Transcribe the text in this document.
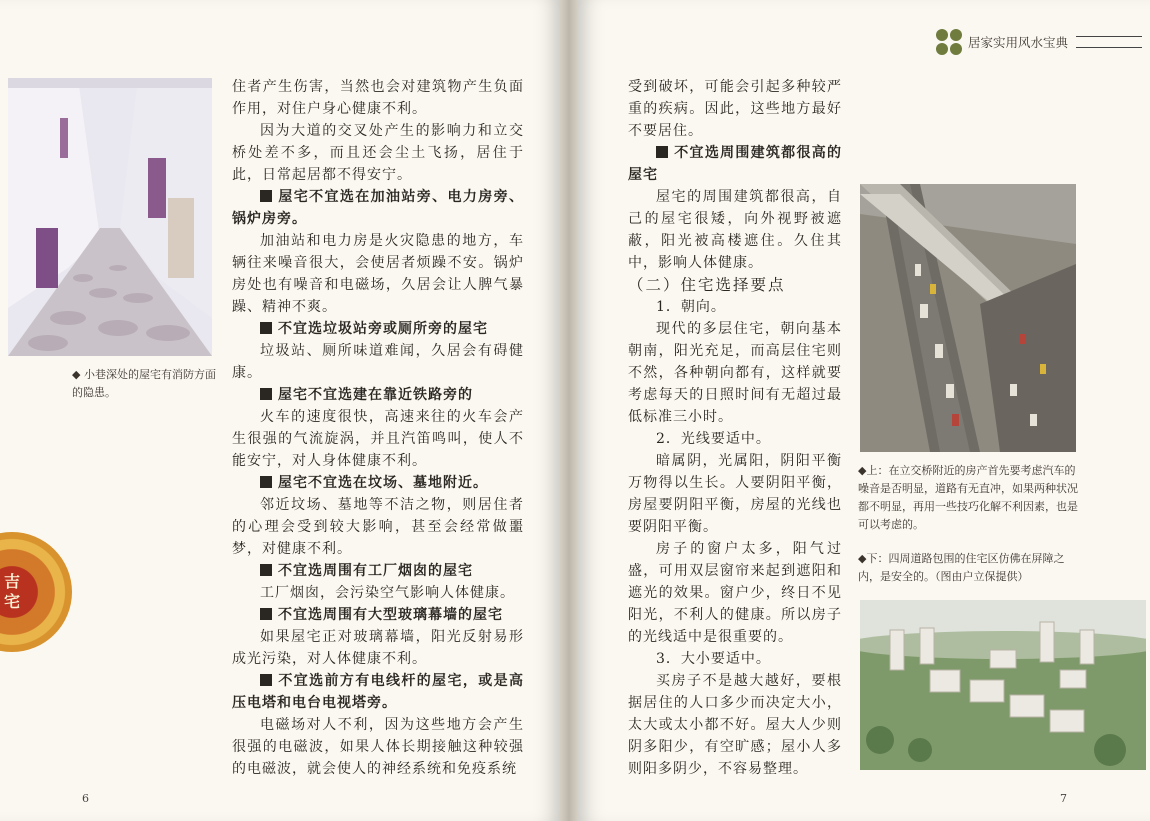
◆ 小巷深处的屋宅有消防方面的隐患。
吉宅

住者产生伤害，当然也会对建筑物产生负面作用，对住户身心健康不利。

因为大道的交叉处产生的影响力和立交桥处差不多，而且还会尘土飞扬，居住于此，日常起居都不得安宁。

屋宅不宜选在加油站旁、电力房旁、锅炉房旁。

加油站和电力房是火灾隐患的地方，车辆往来噪音很大，会使居者烦躁不安。锅炉房处也有噪音和电磁场，久居会让人脾气暴躁、精神不爽。

不宜选垃圾站旁或厕所旁的屋宅

垃圾站、厕所味道难闻，久居会有碍健康。

屋宅不宜选建在靠近铁路旁的

火车的速度很快，高速来往的火车会产生很强的气流旋涡，并且汽笛鸣叫，使人不能安宁，对人身体健康不利。

屋宅不宜选在坟场、墓地附近。

邻近坟场、墓地等不洁之物，则居住者的心理会受到较大影响，甚至会经常做噩梦，对健康不利。

不宜选周围有工厂烟囱的屋宅

工厂烟囱，会污染空气影响人体健康。

不宜选周围有大型玻璃幕墙的屋宅

如果屋宅正对玻璃幕墙，阳光反射易形成光污染，对人体健康不利。

不宜选前方有电线杆的屋宅，或是高压电塔和电台电视塔旁。

电磁场对人不利，因为这些地方会产生很强的电磁波，如果人体长期接触这种较强的电磁波，就会使人的神经系统和免疫系统

6
居家实用风水宝典

受到破坏，可能会引起多种较严重的疾病。因此，这些地方最好不要居住。

不宜选周围建筑都很高的屋宅

屋宅的周围建筑都很高，自己的屋宅很矮，向外视野被遮蔽，阳光被高楼遮住。久住其中，影响人体健康。

（二）住宅选择要点

1．朝向。

现代的多层住宅，朝向基本朝南，阳光充足，而高层住宅则不然，各种朝向都有，这样就要考虑每天的日照时间有无超过最低标准三小时。

2．光线要适中。

暗属阴，光属阳，阴阳平衡万物得以生长。人要阴阳平衡，房屋要阴阳平衡，房屋的光线也要阴阳平衡。

房子的窗户太多，阳气过盛，可用双层窗帘来起到遮阳和遮光的效果。窗户少，终日不见阳光，不利人的健康。所以房子的光线适中是很重要的。

3．大小要适中。

买房子不是越大越好，要根据居住的人口多少而决定大小，太大或太小都不好。屋大人少则阴多阳少，有空旷感；屋小人多则阳多阴少，不容易整理。

◆上：在立交桥附近的房产首先要考虑汽车的噪音是否明显，道路有无直冲，如果两种状况都不明显，再用一些技巧化解不利因素，也是可以考虑的。
◆下：四周道路包围的住宅区仿佛在屏障之内，是安全的。（图由户立保提供）
7
